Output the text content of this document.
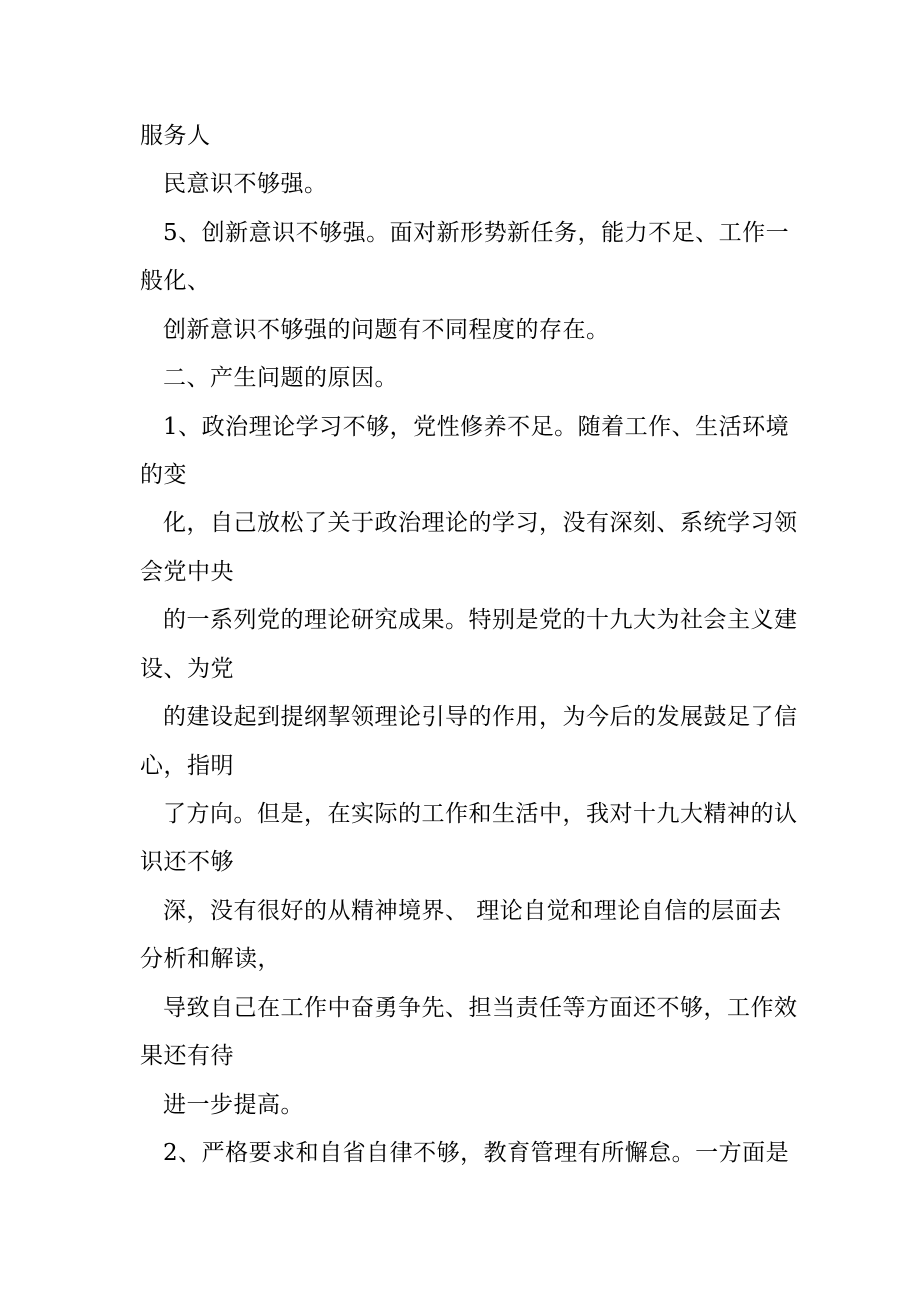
服务人
民意识不够强。
5、创新意识不够强。面对新形势新任务，能力不足、工作一
般化、
创新意识不够强的问题有不同程度的存在。
二、产生问题的原因。
1、政治理论学习不够，党性修养不足。随着工作、生活环境
的变
化，自己放松了关于政治理论的学习，没有深刻、系统学习领
会党中央
的一系列党的理论研究成果。特别是党的十九大为社会主义建
设、为党
的建设起到提纲挈领理论引导的作用，为今后的发展鼓足了信
心，指明
了方向。但是，在实际的工作和生活中，我对十九大精神的认
识还不够
深，没有很好的从精神境界、 理论自觉和理论自信的层面去
分析和解读，
导致自己在工作中奋勇争先、担当责任等方面还不够，工作效
果还有待
进一步提高。
2、严格要求和自省自律不够，教育管理有所懈怠。一方面是
